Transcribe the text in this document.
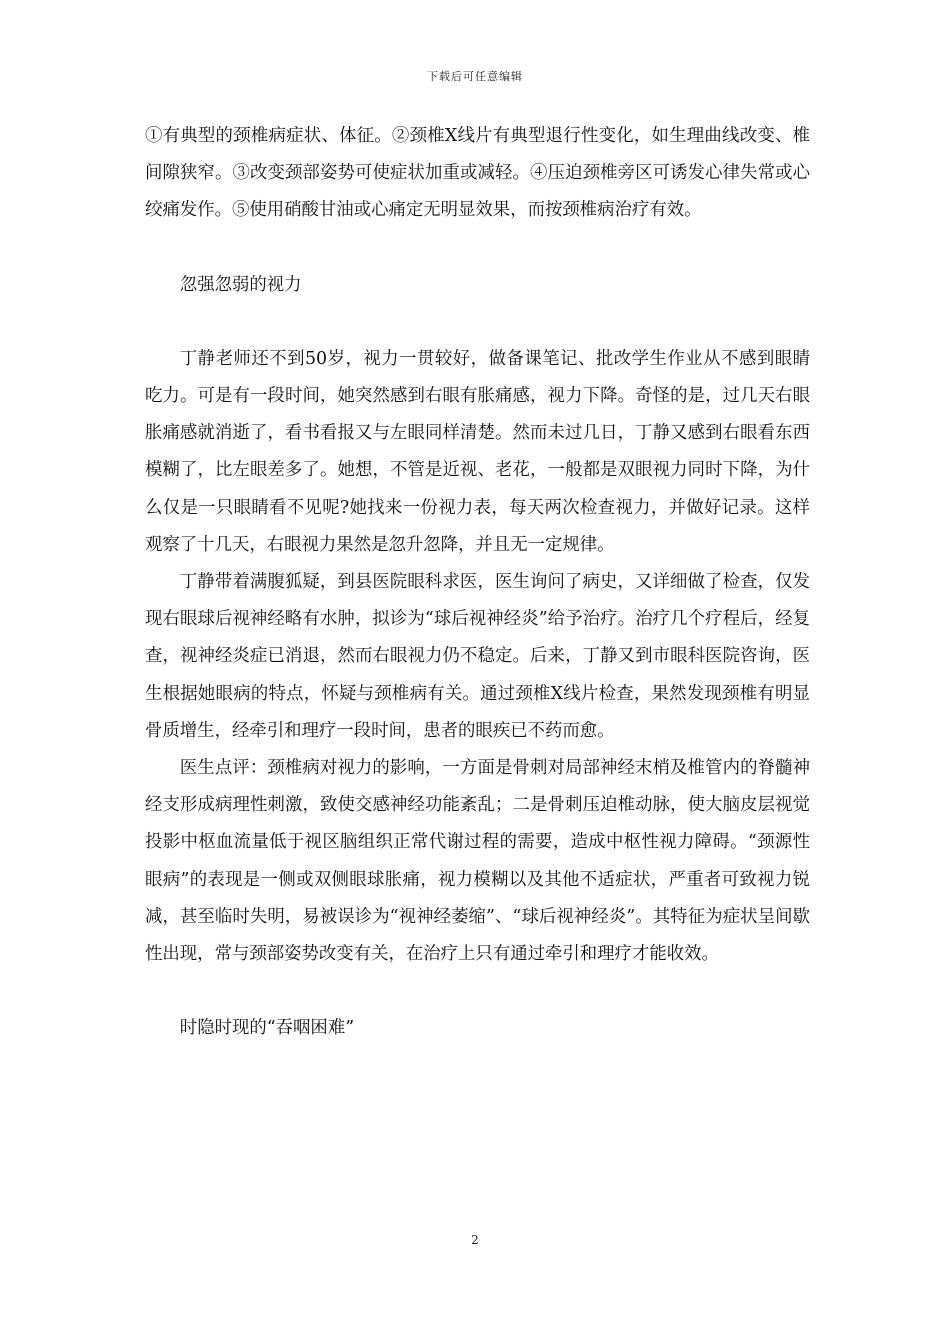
下载后可任意编辑

①有典型的颈椎病症状、体征。②颈椎X线片有典型退行性变化，如生理曲线改变、椎间隙狭窄。③改变颈部姿势可使症状加重或减轻。④压迫颈椎旁区可诱发心律失常或心绞痛发作。⑤使用硝酸甘油或心痛定无明显效果，而按颈椎病治疗有效。

忽强忽弱的视力

丁静老师还不到50岁，视力一贯较好，做备课笔记、批改学生作业从不感到眼睛吃力。可是有一段时间，她突然感到右眼有胀痛感，视力下降。奇怪的是，过几天右眼胀痛感就消逝了，看书看报又与左眼同样清楚。然而未过几日，丁静又感到右眼看东西模糊了，比左眼差多了。她想，不管是近视、老花，一般都是双眼视力同时下降，为什么仅是一只眼睛看不见呢?她找来一份视力表，每天两次检查视力，并做好记录。这样观察了十几天，右眼视力果然是忽升忽降，并且无一定规律。

丁静带着满腹狐疑，到县医院眼科求医，医生询问了病史，又详细做了检查，仅发现右眼球后视神经略有水肿，拟诊为“球后视神经炎”给予治疗。治疗几个疗程后，经复查，视神经炎症已消退，然而右眼视力仍不稳定。后来，丁静又到市眼科医院咨询，医生根据她眼病的特点，怀疑与颈椎病有关。通过颈椎X线片检查，果然发现颈椎有明显骨质增生，经牵引和理疗一段时间，患者的眼疾已不药而愈。

医生点评：颈椎病对视力的影响，一方面是骨刺对局部神经末梢及椎管内的脊髓神经支形成病理性刺激，致使交感神经功能紊乱；二是骨刺压迫椎动脉，使大脑皮层视觉投影中枢血流量低于视区脑组织正常代谢过程的需要，造成中枢性视力障碍。“颈源性眼病”的表现是一侧或双侧眼球胀痛，视力模糊以及其他不适症状，严重者可致视力锐减，甚至临时失明，易被误诊为“视神经萎缩”、“球后视神经炎”。其特征为症状呈间歇性出现，常与颈部姿势改变有关，在治疗上只有通过牵引和理疗才能收效。

时隐时现的“吞咽困难”

2
